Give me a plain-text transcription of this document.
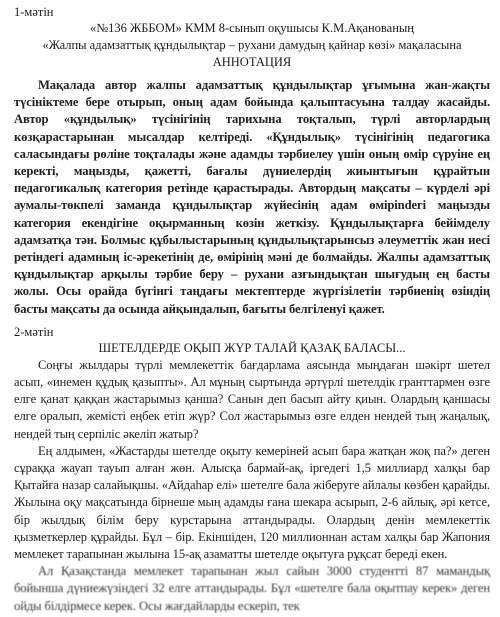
1-мәтін

«№136 ЖББОМ» КММ 8-сынып оқушысы К.М.Ақанованың

«Жалпы адамзаттық құндылықтар – рухани дамудың қайнар көзі» мақаласына

АННОТАЦИЯ

Мақалада автор жалпы адамзаттық құндылықтар ұғымына жан-жақты түсініктеме бере отырып, оның адам бойында қалыптасуына талдау жасайды. Автор «құндылық» түсінігінің тарихына тоқталып, түрлі авторлардың көзқарастарынан мысалдар келтіреді. «Құндылық» түсінігінің педагогика саласындағы рөліне тоқталады және адамды тәрбиелеу үшін оның өмір сүруіне ең керекті, маңызды, қажетті, бағалы дүниелердің жиынтығын құрайтын педагогикалық категория ретінде қарастырады. Автордың мақсаты – күрделі әрі аумалы-төкпелі заманда құндылықтар жүйесінің адам өмірindегі маңызды категория екендігіне оқырманның көзін жеткізу. Құндылықтарға бейімделу адамзатқа тән. Болмыс құбылыстарының құндылықтарынсыз әлеуметтік жан иесі ретіндегі адамның іс-әрекетінің де, өмірінің мәні де болмайды. Жалпы адамзаттық құндылықтар арқылы тәрбие беру – рухани азғындықтан шығудың ең басты жолы. Осы орайда бүгінгі таңдағы мектептерде жүргізілетін тәрбиенің өзіндің басты мақсаты да осында айқындалып, бағыты белгіленуі қажет.

2-мәтін

ШЕТЕЛДЕРДЕ ОҚЫП ЖҮР ТАЛАЙ ҚАЗАҚ БАЛАСЫ...

Соңғы жылдары түрлі мемлекеттік бағдарлама аясында мыңдаған шәкірт шетел асып, «инемен құдық қазыпты». Ал мұның сыртында әртүрлі шетелдік гранттармен өзге елге қанат қаққан жастарымыз қанша? Санын деп басып айту қиын. Олардың қаншасы елге оралып, жемісті еңбек етіп жүр? Сол жастарымыз өзге елден нендей тың жаңалық, нендей тың серпіліс әкеліп жатыр?

Ең алдымен, «Жастарды шетелде оқыту кемеріней асып бара жатқан жоқ па?» деген сұраққа жауап тауып алған жөн. Алысқа бармай-ақ, іргедегі 1,5 миллиард халқы бар Қытайға назар салайықшы. «Айдаһар елі» шетелге бала жіберуге айлалы көзбен қарайды. Жылына оқу мақсатында бірнеше мың адамды ғана шекара асырып, 2-6 айлық, әрі кетсе, бір жылдық білім беру курстарына аттандырады. Олардың денін мемлекеттік қызметкерлер құрайды. Бұл – бір. Екіншіден, 120 миллионнан астам халқы бар Жапония мемлекет тарапынан жылына 15-ақ азаматты шетелде оқытуға рұқсат береді екен.

Ал Қазақстанда мемлекет тарапынан жыл сайын 3000 студентті 87 мамандық бойынша дүниежүзіндегі 32 елге аттандырады. Бұл «шетелге бала оқытпау керек» деген ойды білдірмесе керек. Осы жағдайларды ескеріп, тек
